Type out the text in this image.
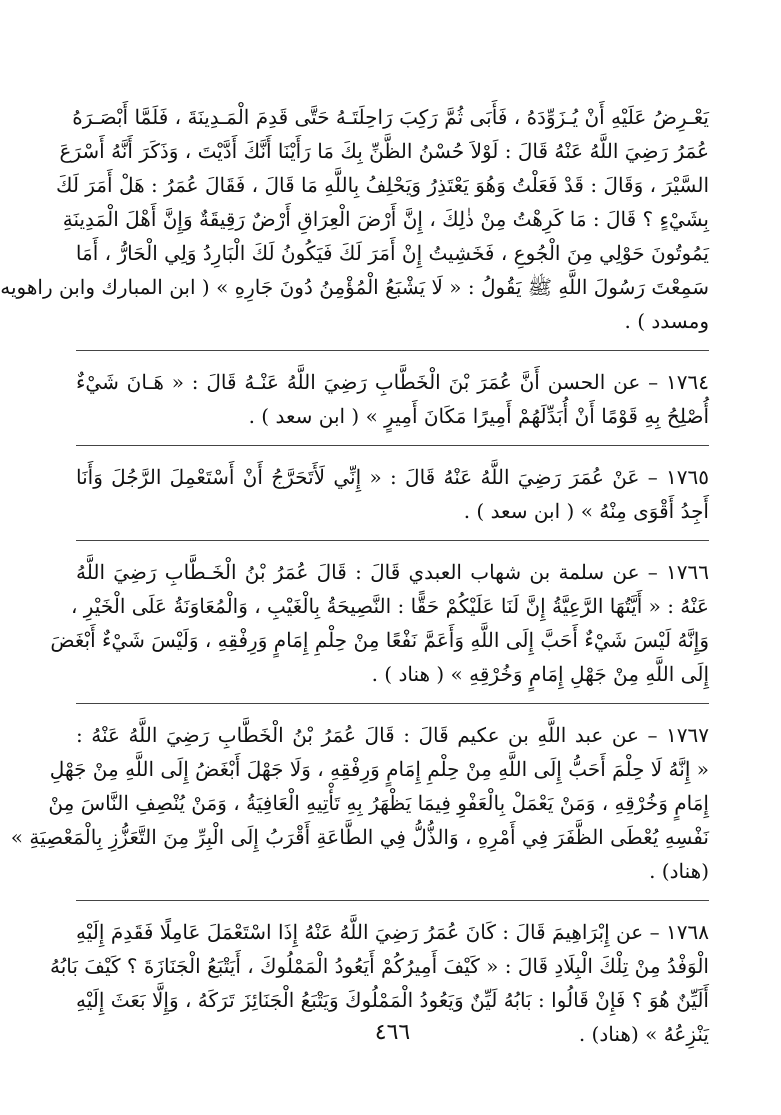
يَعْـرِضُ عَلَيْهِ أَنْ يُـزَوِّدَهُ ، فَأَبَى ثُمَّ رَكِبَ رَاحِلَتَـهُ حَتَّى قَدِمَ الْمَـدِينَةَ ، فَلَمَّا أَبْصَـرَهُ
عُمَرُ رَضِيَ اللَّهُ عَنْهُ قَالَ : لَوْلاَ حُسْنُ الظَّنِّ بِكَ مَا رَأَيْنَا أَنَّكَ أَدَّيْتَ ، وَذَكَرَ أَنَّهُ أَسْرَعَ
السَّيْرَ ، وَقَالَ : قَدْ فَعَلْتُ وَهُوَ يَعْتَذِرُ وَيَحْلِفُ بِاللَّهِ مَا قَالَ ، فَقَالَ عُمَرُ : هَلْ أَمَرَ لَكَ
بِشَيْءٍ ؟ قَالَ : مَا كَرِهْتُ مِنْ ذٰلِكَ ، إِنَّ أَرْضَ الْعِرَاقِ أَرْضٌ رَقِيقَةٌ وَإِنَّ أَهْلَ الْمَدِينَةِ
يَمُوتُونَ حَوْلِي مِنَ الْجُوعِ ، فَخَشِيتُ إِنْ أَمَرَ لَكَ فَيَكُونُ لَكَ الْبَارِدُ وَلِي الْحَارُّ ، أَمَا
سَمِعْتَ رَسُولَ اللَّهِ ﷺ يَقُولُ : « لَا يَشْبَعُ الْمُؤْمِنُ دُونَ جَارِهِ » ( ابن المبارك وابن راهويه
ومسدد ) .
١٧٦٤ – عن الحسن أَنَّ عُمَرَ بْنَ الْخَطَّابِ رَضِيَ اللَّهُ عَنْـهُ قَالَ : « هَـانَ شَيْءٌ
أُصْلِحُ بِهِ قَوْمًا أَنْ أُبَدِّلَهُمْ أَمِيرًا مَكَانَ أَمِيرٍ » ( ابن سعد ) .
١٧٦٥ – عَنْ عُمَرَ رَضِيَ اللَّهُ عَنْهُ قَالَ : « إِنِّي لَأَتَحَرَّجُ أَنْ أَسْتَعْمِلَ الرَّجُلَ وَأَنَا
أَجِدُ أَقْوَى مِنْهُ » ( ابن سعد ) .
١٧٦٦ – عن سلمة بن شهاب العبدي قَالَ : قَالَ عُمَرُ بْنُ الْخَـطَّابِ رَضِيَ اللَّهُ
عَنْهُ : « أَيَّتُهَا الرَّعِيَّةُ إِنَّ لَنَا عَلَيْكُمْ حَقًّا : النَّصِيحَةُ بِالْغَيْبِ ، وَالْمُعَاوَنَةُ عَلَى الْخَيْرِ ،
وَإِنَّهُ لَيْسَ شَيْءٌ أَحَبَّ إِلَى اللَّهِ وَأَعَمَّ نَفْعًا مِنْ حِلْمِ إِمَامٍ وَرِفْقِهِ ، وَلَيْسَ شَيْءٌ أَبْغَضَ
إِلَى اللَّهِ مِنْ جَهْلِ إِمَامٍ وَخُرْقِهِ » ( هناد ) .
١٧٦٧ – عن عبد اللَّهِ بن عكيم قَالَ : قَالَ عُمَرُ بْنُ الْخَطَّابِ رَضِيَ اللَّهُ عَنْهُ :
« إِنَّهُ لَا حِلْمَ أَحَبُّ إِلَى اللَّهِ مِنْ حِلْمِ إِمَامٍ وَرِفْقِهِ ، وَلَا جَهْلَ أَبْغَضُ إِلَى اللَّهِ مِنْ جَهْلِ
إِمَامٍ وَخُرْقِهِ ، وَمَنْ يَعْمَلْ بِالْعَفْوِ فِيمَا يَظْهَرُ بِهِ تَأْتِيهِ الْعَافِيَةُ ، وَمَنْ يُنْصِفِ النَّاسَ مِنْ
نَفْسِهِ يُعْطَى الظَّفَرَ فِي أَمْرِهِ ، وَالذُّلُّ فِي الطَّاعَةِ أَقْرَبُ إِلَى الْبِرِّ مِنَ التَّعَزُّزِ بِالْمَعْصِيَةِ »
(هناد) .
١٧٦٨ – عن إِبْرَاهِيمَ قَالَ : كَانَ عُمَرُ رَضِيَ اللَّهُ عَنْهُ إِذَا اسْتَعْمَلَ عَامِلًا فَقَدِمَ إِلَيْهِ
الْوَفْدُ مِنْ تِلْكَ الْبِلَادِ قَالَ : « كَيْفَ أَمِيرُكُمْ أَيَعُودُ الْمَمْلُوكَ ، أَيَتْبَعُ الْجَنَازَةَ ؟ كَيْفَ بَابُهُ
أَلَيِّنٌ هُوَ ؟ فَإِنْ قَالُوا : بَابُهُ لَيِّنٌ وَيَعُودُ الْمَمْلُوكَ وَيَتْبَعُ الْجَنَائِزَ تَرَكَهُ ، وَإِلَّا بَعَثَ إِلَيْهِ
يَنْزِعُهُ » (هناد) .
٤٦٦
